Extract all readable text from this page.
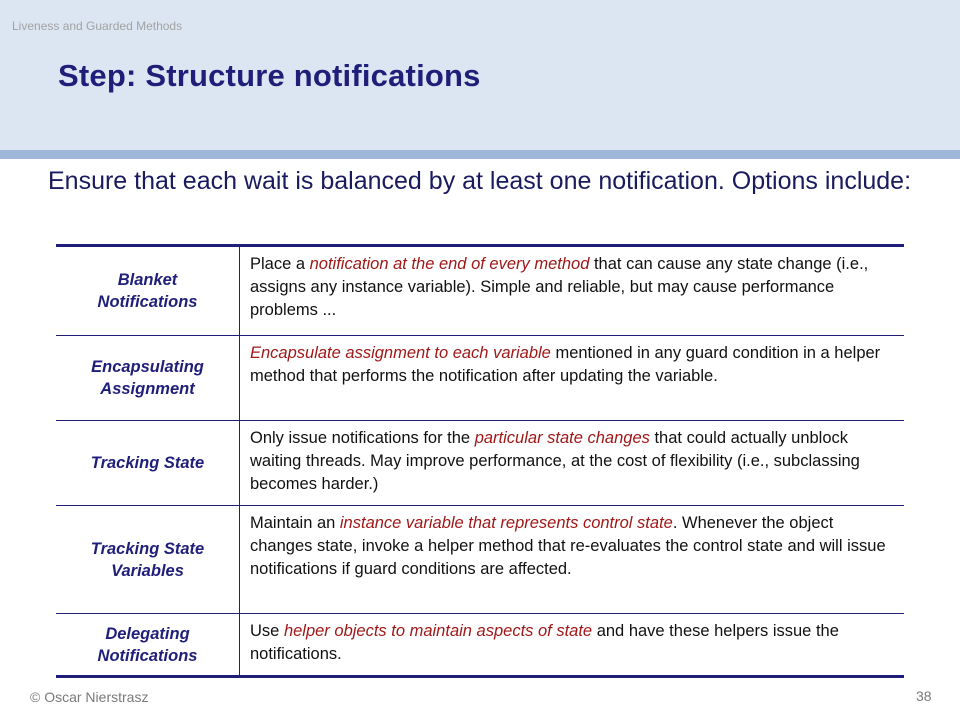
Liveness and Guarded Methods
Step: Structure notifications
Ensure that each wait is balanced by at least one notification. Options include:
Blanket
Notifications
Place a notification at the end of every method that can cause any state change (i.e., assigns any instance variable). Simple and reliable, but may cause performance problems ...
Encapsulating
Assignment
Encapsulate assignment to each variable mentioned in any guard condition in a helper method that performs the notification after updating the variable.
Tracking State
Only issue notifications for the particular state changes that could actually unblock waiting threads. May improve performance, at the cost of flexibility (i.e., subclassing becomes harder.)
Tracking State
Variables
Maintain an instance variable that represents control state. Whenever the object changes state, invoke a helper method that re-evaluates the control state and will issue notifications if guard conditions are affected.
Delegating
Notifications
Use helper objects to maintain aspects of state and have these helpers issue the notifications.
© Oscar Nierstrasz	38
